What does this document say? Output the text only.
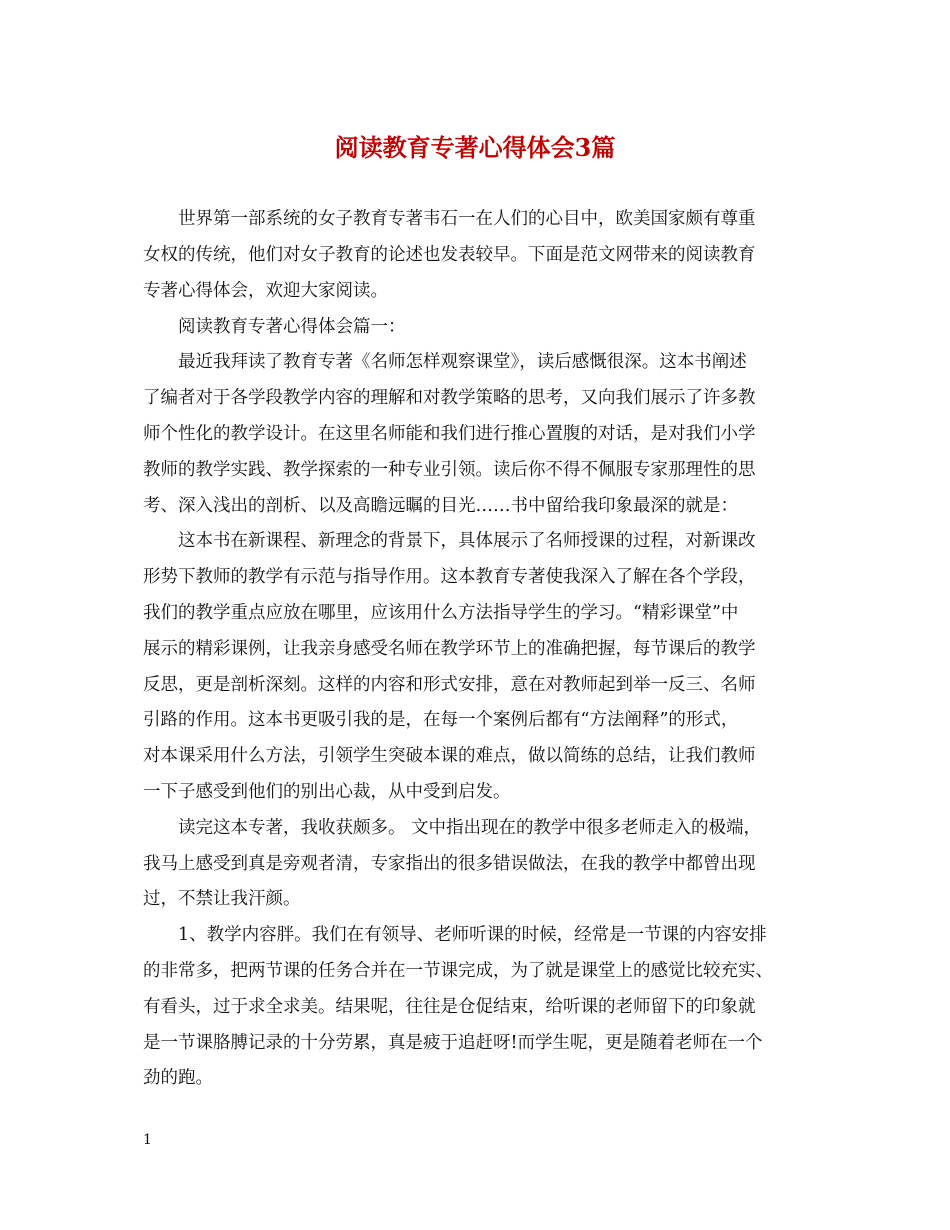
阅读教育专著心得体会3篇

世界第一部系统的女子教育专著韦石一在人们的心目中，欧美国家颇有尊重

女权的传统，他们对女子教育的论述也发表较早。下面是范文网带来的阅读教育

专著心得体会，欢迎大家阅读。

阅读教育专著心得体会篇一：

最近我拜读了教育专著《名师怎样观察课堂》，读后感慨很深。这本书阐述

了编者对于各学段教学内容的理解和对教学策略的思考，又向我们展示了许多教

师个性化的教学设计。在这里名师能和我们进行推心置腹的对话，是对我们小学

教师的教学实践、教学探索的一种专业引领。读后你不得不佩服专家那理性的思

考、深入浅出的剖析、以及高瞻远瞩的目光……书中留给我印象最深的就是：

这本书在新课程、新理念的背景下，具体展示了名师授课的过程，对新课改

形势下教师的教学有示范与指导作用。这本教育专著使我深入了解在各个学段，

我们的教学重点应放在哪里，应该用什么方法指导学生的学习。“精彩课堂”中

展示的精彩课例，让我亲身感受名师在教学环节上的准确把握，每节课后的教学

反思，更是剖析深刻。这样的内容和形式安排，意在对教师起到举一反三、名师

引路的作用。这本书更吸引我的是，在每一个案例后都有“方法阐释”的形式，

对本课采用什么方法，引领学生突破本课的难点，做以简练的总结，让我们教师

一下子感受到他们的别出心裁，从中受到启发。

读完这本专著，我收获颇多。 文中指出现在的教学中很多老师走入的极端，

我马上感受到真是旁观者清，专家指出的很多错误做法，在我的教学中都曾出现

过，不禁让我汗颜。

1、教学内容胖。我们在有领导、老师听课的时候，经常是一节课的内容安排

的非常多，把两节课的任务合并在一节课完成，为了就是课堂上的感觉比较充实、

有看头，过于求全求美。结果呢，往往是仓促结束，给听课的老师留下的印象就

是一节课胳膊记录的十分劳累，真是疲于追赶呀!而学生呢，更是随着老师在一个

劲的跑。

1
